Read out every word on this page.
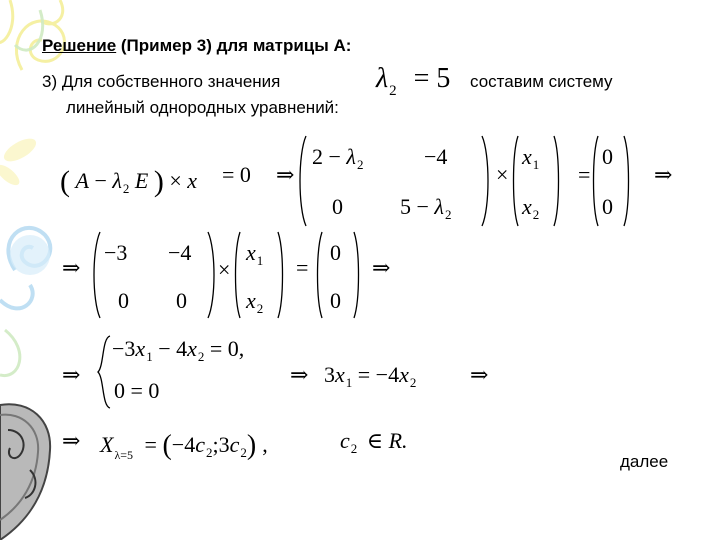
Решение (Пример 3) для матрицы А:
3) Для собственного значения	$\lambda_2 = 5$ составим систему
линейный однородных уравнений:
( $A - \lambda_2$ E ) × x = 0 ⇒
$2 - \lambda_2$	−4
0	$5 - \lambda_2$
×
$x_1$
$x_2$
=
0
0
⇒
⇒
−3 −4
0 0
×
$x_1$
$x_2$
=
0
0
⇒
⇒
$-3x_1 - 4x_2 = 0$,
0 = 0
⇒ $3x_1 = -4x_2$ ⇒
⇒ $X_{\lambda=5}$ = $(-4c_2;3c_2)$ ,	$c_2$ ∈ R.
далее
